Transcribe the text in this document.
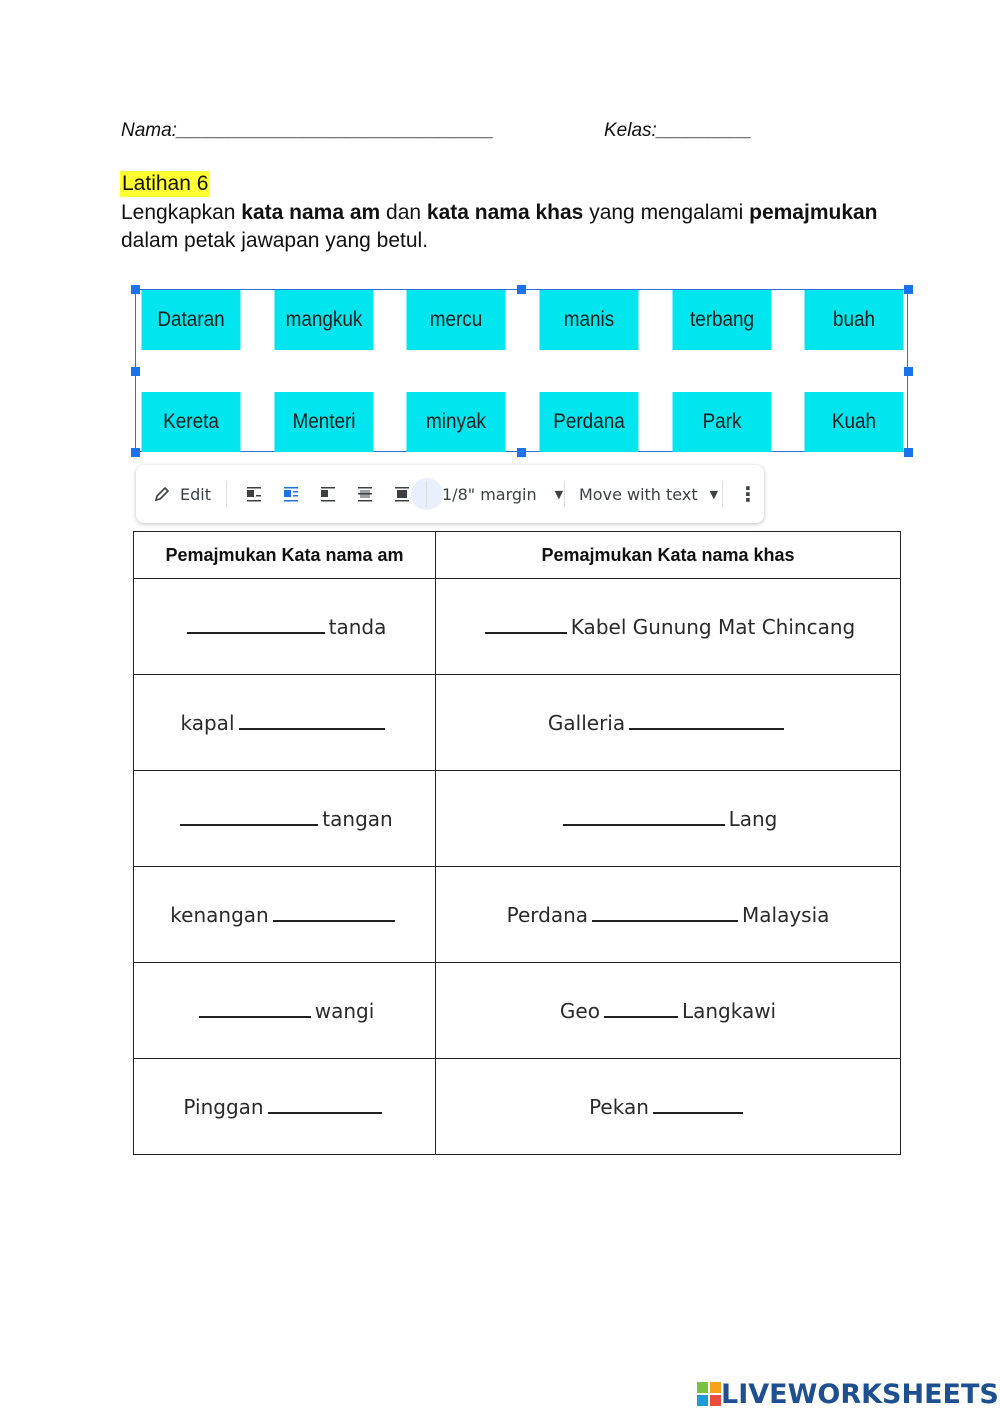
Nama:______________________________	Kelas:_________
Latihan 6
Lengkapkan kata nama am dan kata nama khas yang mengalami pemajmukan dalam petak jawapan yang betul.
Dataran	mangkuk	mercu	manis	terbang	buah
Kereta	Menteri	minyak	Perdana	Park	Kuah
Edit	1/8" margin ▼ Move with text ▼ ⋮
Pemajmukan Kata nama am	Pemajmukan Kata nama khas
tanda	Kabel Gunung Mat Chincang
kapal	Galleria
tangan	Lang
kenangan	Perdana Malaysia
wangi	Geo Langkawi
Pinggan	Pekan
LIVEWORKSHEETS
